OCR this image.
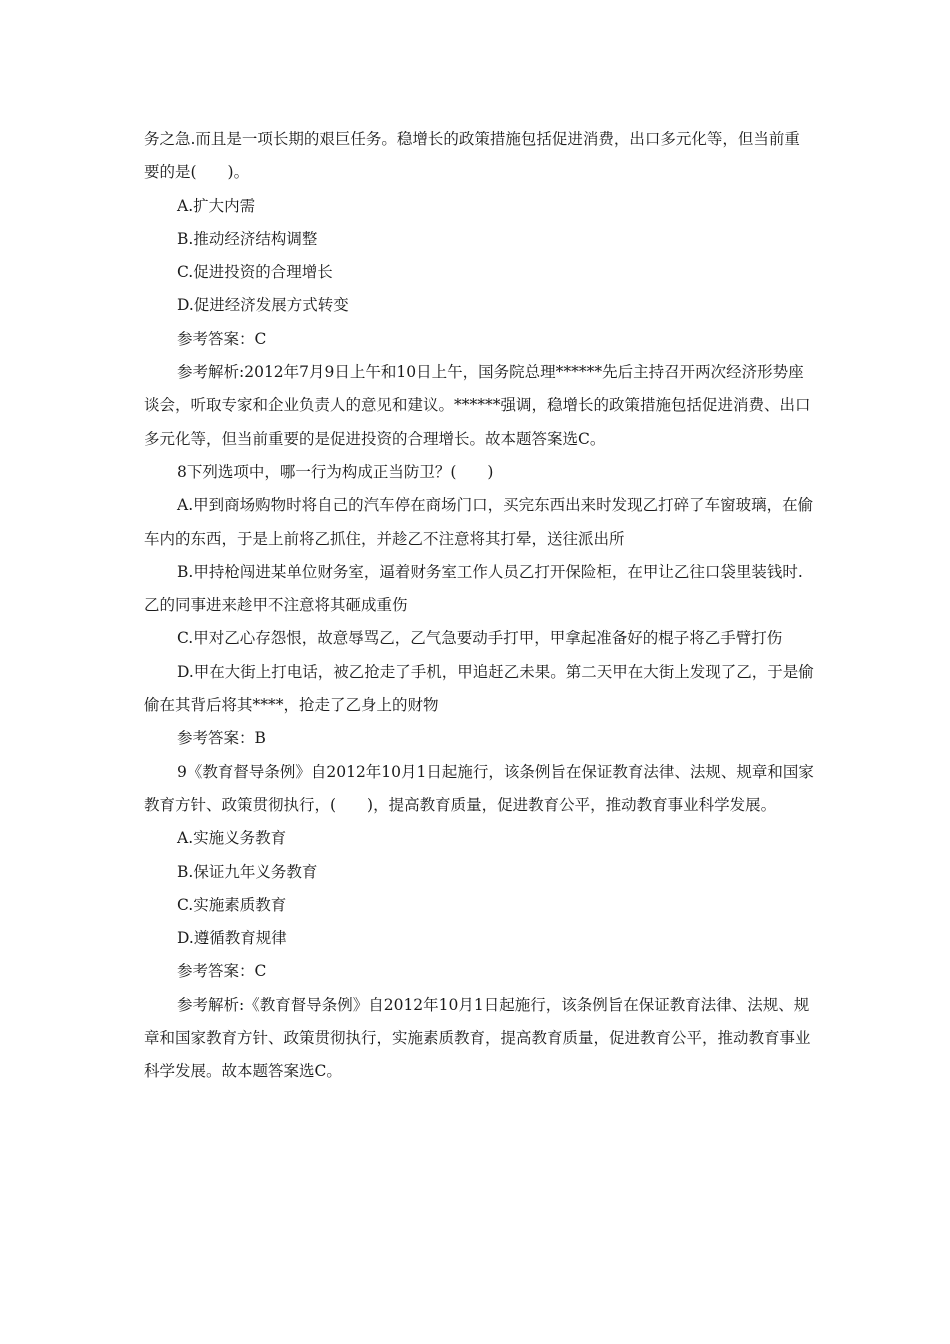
务之急.而且是一项长期的艰巨任务。稳增长的政策措施包括促进消费，出口多元化等，但当前重要的是(　　)。

A.扩大内需

B.推动经济结构调整

C.促进投资的合理增长

D.促进经济发展方式转变

参考答案：C

参考解析:2012年7月9日上午和10日上午，国务院总理******先后主持召开两次经济形势座谈会，听取专家和企业负责人的意见和建议。******强调，稳增长的政策措施包括促进消费、出口多元化等，但当前重要的是促进投资的合理增长。故本题答案选C。

8下列选项中，哪一行为构成正当防卫？(　　)

A.甲到商场购物时将自己的汽车停在商场门口，买完东西出来时发现乙打碎了车窗玻璃，在偷车内的东西，于是上前将乙抓住，并趁乙不注意将其打晕，送往派出所

B.甲持枪闯进某单位财务室，逼着财务室工作人员乙打开保险柜，在甲让乙往口袋里装钱时.乙的同事进来趁甲不注意将其砸成重伤

C.甲对乙心存怨恨，故意辱骂乙，乙气急要动手打甲，甲拿起准备好的棍子将乙手臂打伤

D.甲在大街上打电话，被乙抢走了手机，甲追赶乙未果。第二天甲在大街上发现了乙，于是偷偷在其背后将其****，抢走了乙身上的财物

参考答案：B

9《教育督导条例》自2012年10月1日起施行，该条例旨在保证教育法律、法规、规章和国家教育方针、政策贯彻执行，(　　)，提高教育质量，促进教育公平，推动教育事业科学发展。

A.实施义务教育

B.保证九年义务教育

C.实施素质教育

D.遵循教育规律

参考答案：C

参考解析:《教育督导条例》自2012年10月1日起施行，该条例旨在保证教育法律、法规、规章和国家教育方针、政策贯彻执行，实施素质教育，提高教育质量，促进教育公平，推动教育事业科学发展。故本题答案选C。
